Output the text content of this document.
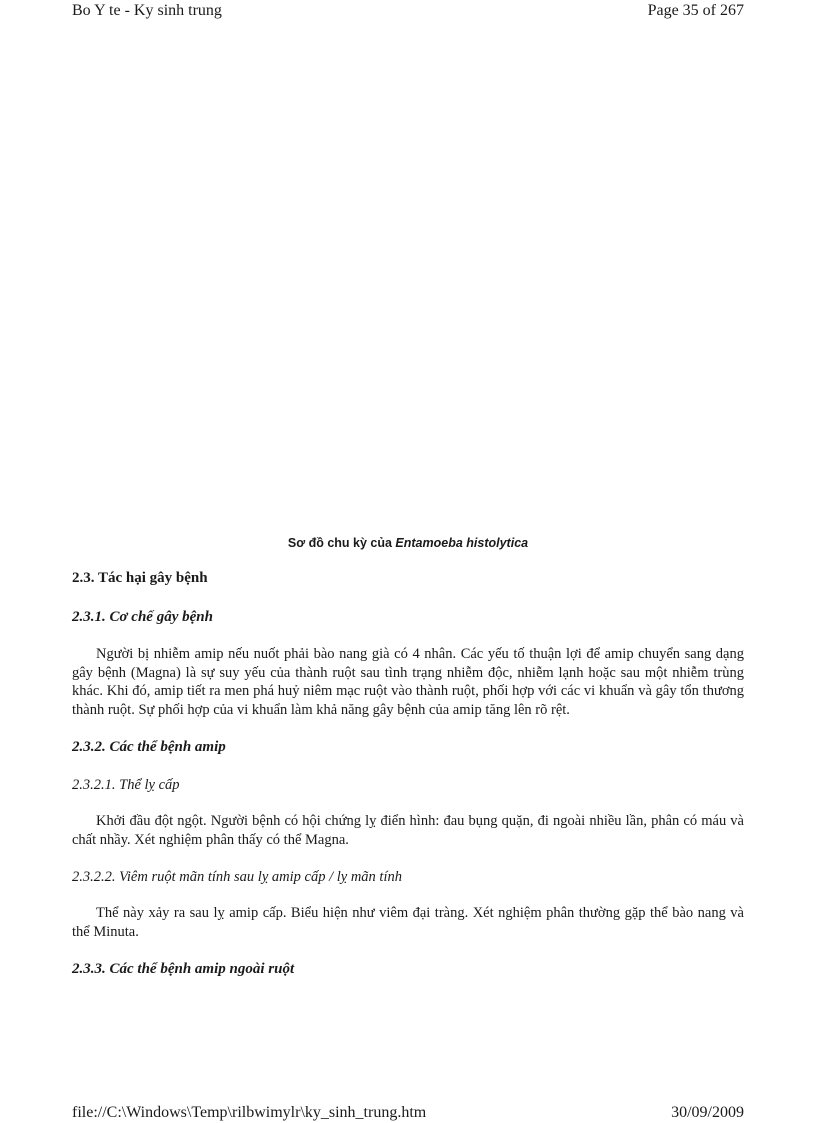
Bo Y te - Ky sinh trung	Page 35 of 267
Sơ đồ chu kỳ của Entamoeba histolytica
2.3. Tác hại gây bệnh
2.3.1. Cơ chế gây bệnh

Người bị nhiễm amip nếu nuốt phải bào nang già có 4 nhân. Các yếu tố thuận lợi để amip chuyển sang dạng gây bệnh (Magna) là sự suy yếu của thành ruột sau tình trạng nhiễm độc, nhiễm lạnh hoặc sau một nhiễm trùng khác. Khi đó, amip tiết ra men phá huỷ niêm mạc ruột vào thành ruột, phối hợp với các vi khuẩn và gây tổn thương thành ruột. Sự phối hợp của vi khuẩn làm khả năng gây bệnh của amip tăng lên rõ rệt.

2.3.2. Các thể bệnh amip
2.3.2.1. Thể lỵ cấp

Khởi đầu đột ngột. Người bệnh có hội chứng lỵ điển hình: đau bụng quặn, đi ngoài nhiều lần, phân có máu và chất nhầy. Xét nghiệm phân thấy có thể Magna.

2.3.2.2. Viêm ruột mãn tính sau lỵ amip cấp / lỵ mãn tính

Thể này xảy ra sau lỵ amip cấp. Biểu hiện như viêm đại tràng. Xét nghiệm phân thường gặp thể bào nang và thể Minuta.

2.3.3. Các thể bệnh amip ngoài ruột
file://C:\Windows\Temp\rilbwimylr\ky_sinh_trung.htm	30/09/2009
